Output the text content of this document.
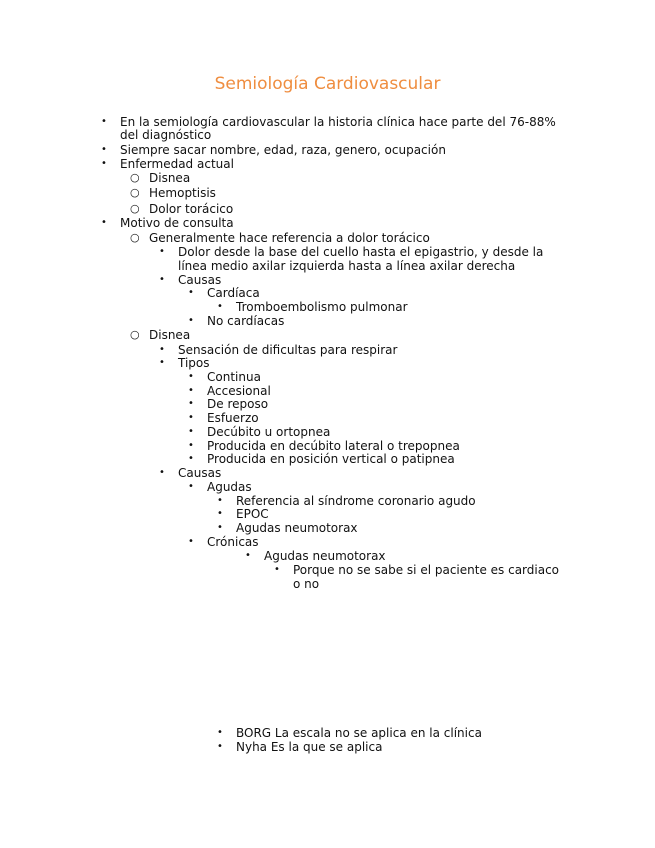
Semiología Cardiovascular
• En la semiología cardiovascular la historia clínica hace parte del 76-88%
del diagnóstico
• Siempre sacar nombre, edad, raza, genero, ocupación
• Enfermedad actual
○ Disnea
○ Hemoptisis
○ Dolor torácico
• Motivo de consulta
○ Generalmente hace referencia a dolor torácico
• Dolor desde la base del cuello hasta el epigastrio, y desde la
línea medio axilar izquierda hasta a línea axilar derecha
• Causas
• Cardíaca
• Tromboembolismo pulmonar
• No cardíacas
○ Disnea
• Sensación de dificultas para respirar
• Tipos
• Continua
• Accesional
• De reposo
• Esfuerzo
• Decúbito u ortopnea
• Producida en decúbito lateral o trepopnea
• Producida en posición vertical o patipnea
• Causas
• Agudas
• Referencia al síndrome coronario agudo
• EPOC
• Agudas neumotorax
• Crónicas
• Agudas neumotorax
• Porque no se sabe si el paciente es cardiaco
o no
• BORG La escala no se aplica en la clínica
• Nyha Es la que se aplica
